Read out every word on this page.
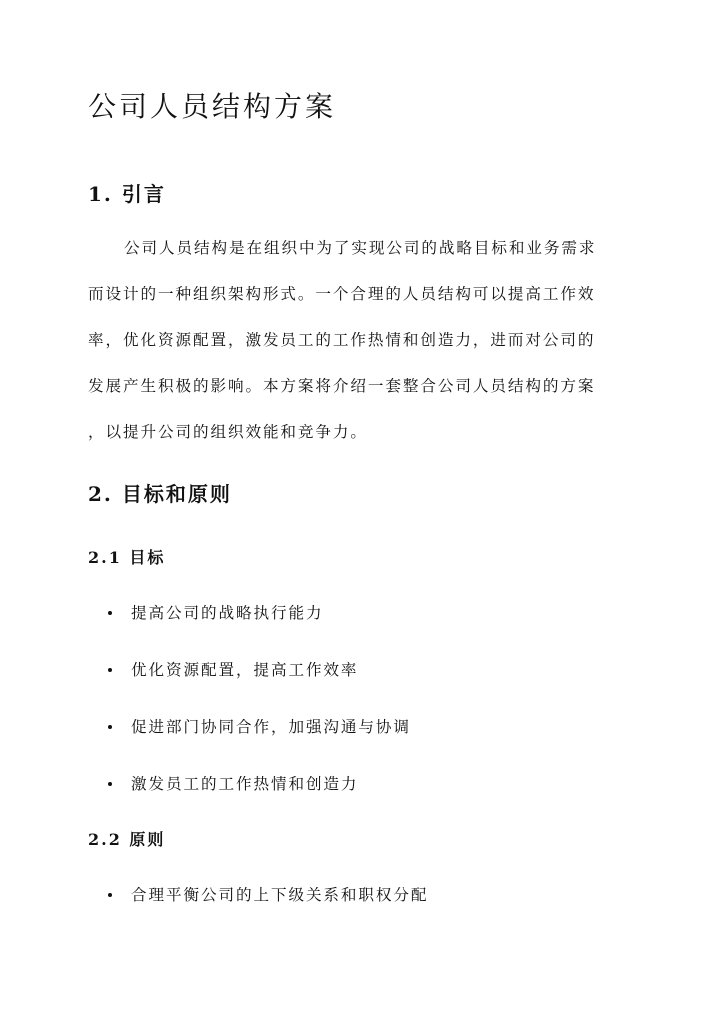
公司人员结构方案
1. 引言
公司人员结构是在组织中为了实现公司的战略目标和业务需求
而设计的一种组织架构形式。一个合理的人员结构可以提高工作效
率，优化资源配置，激发员工的工作热情和创造力，进而对公司的
发展产生积极的影响。本方案将介绍一套整合公司人员结构的方案
，以提升公司的组织效能和竞争力。
2. 目标和原则
2.1 目标
提高公司的战略执行能力
优化资源配置，提高工作效率
促进部门协同合作，加强沟通与协调
激发员工的工作热情和创造力
2.2 原则
合理平衡公司的上下级关系和职权分配
